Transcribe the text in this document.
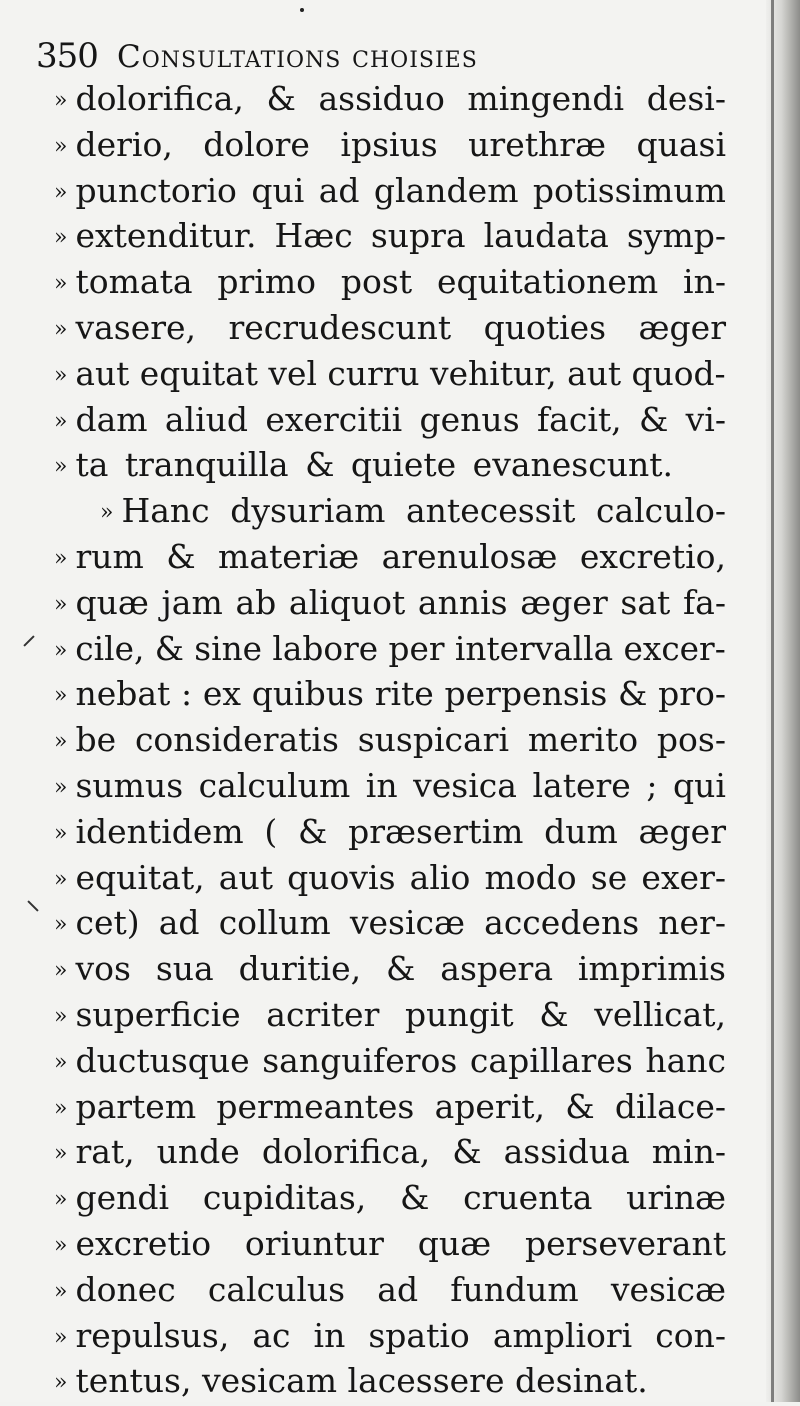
350 Consultations choisies
» dolorifica, & assiduo mingendi desi-
» derio, dolore ipsius urethræ quasi
» punctorio qui ad glandem potissimum
» extenditur. Hæc supra laudata symp-
» tomata primo post equitationem in-
» vasere, recrudescunt quoties æger
» aut equitat vel curru vehitur, aut quod-
» dam aliud exercitii genus facit, & vi-
» ta tranquilla & quiete evanescunt.
» Hanc dysuriam antecessit calculo-
» rum & materiæ arenulosæ excretio,
» quæ jam ab aliquot annis æger sat fa-
» cile, & sine labore per intervalla excer-
» nebat : ex quibus rite perpensis & pro-
» be consideratis suspicari merito pos-
» sumus calculum in vesica latere ; qui
» identidem ( & præsertim dum æger
» equitat, aut quovis alio modo se exer-
» cet) ad collum vesicæ accedens ner-
» vos sua duritie, & aspera imprimis
» superficie acriter pungit & vellicat,
» ductusque sanguiferos capillares hanc
» partem permeantes aperit, & dilace-
» rat, unde dolorifica, & assidua min-
» gendi cupiditas, & cruenta urinæ
» excretio oriuntur quæ perseverant
» donec calculus ad fundum vesicæ
» repulsus, ac in spatio ampliori con-
» tentus, vesicam lacessere desinat.
